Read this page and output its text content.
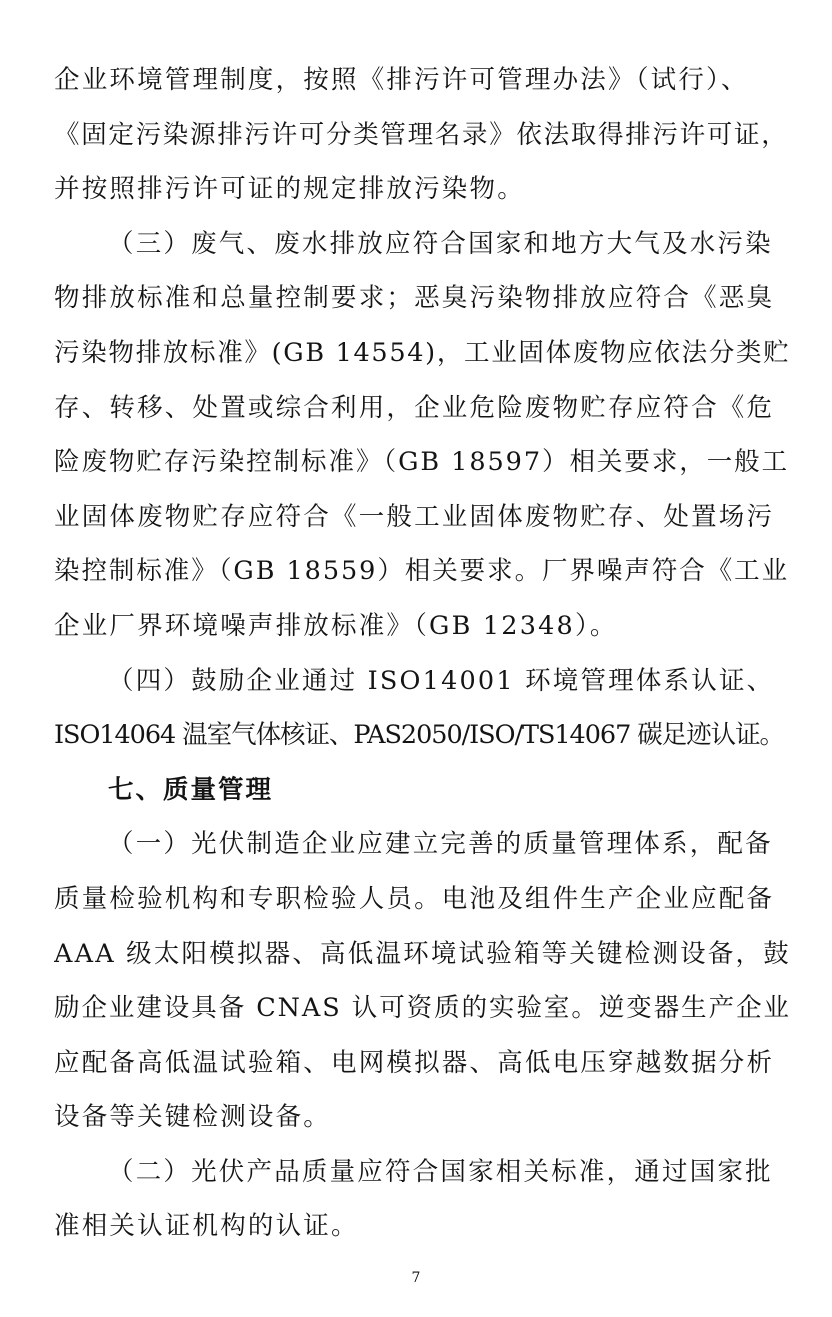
企业环境管理制度，按照《排污许可管理办法》（试行）、
《固定污染源排污许可分类管理名录》依法取得排污许可证，
并按照排污许可证的规定排放污染物。
（三）废气、废水排放应符合国家和地方大气及水污染
物排放标准和总量控制要求；恶臭污染物排放应符合《恶臭
污染物排放标准》(GB 14554)，工业固体废物应依法分类贮
存、转移、处置或综合利用，企业危险废物贮存应符合《危
险废物贮存污染控制标准》（GB 18597）相关要求，一般工
业固体废物贮存应符合《一般工业固体废物贮存、处置场污
染控制标准》（GB 18559）相关要求。厂界噪声符合《工业
企业厂界环境噪声排放标准》（GB 12348）。
（四）鼓励企业通过 ISO14001 环境管理体系认证、
ISO14064 温室气体核证、PAS2050/ISO/TS14067 碳足迹认证。
七、质量管理
（一）光伏制造企业应建立完善的质量管理体系，配备
质量检验机构和专职检验人员。电池及组件生产企业应配备
AAA 级太阳模拟器、高低温环境试验箱等关键检测设备，鼓
励企业建设具备 CNAS 认可资质的实验室。逆变器生产企业
应配备高低温试验箱、电网模拟器、高低电压穿越数据分析
设备等关键检测设备。
（二）光伏产品质量应符合国家相关标准，通过国家批
准相关认证机构的认证。
7
